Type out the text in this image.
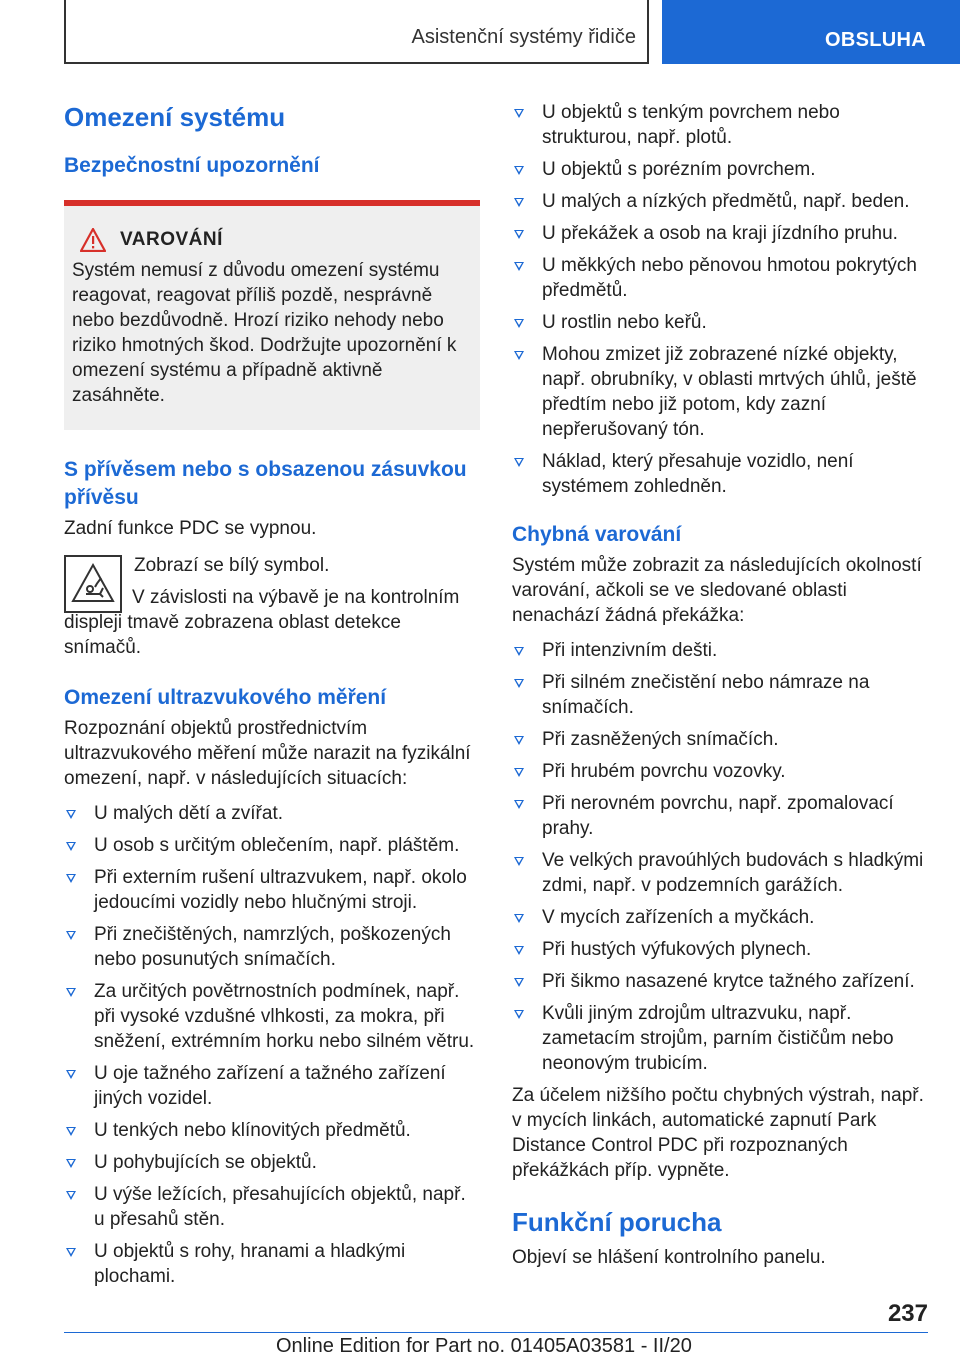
Asistenční systémy řidiče	OBSLUHA
Omezení systému
Bezpečnostní upozornění
VAROVÁNÍ

Systém nemusí z důvodu omezení systému reagovat, reagovat příliš pozdě, nesprávně nebo bezdůvodně. Hrozí riziko nehody nebo riziko hmotných škod. Dodržujte upozornění k omezení systému a případně aktivně zasáhněte.

S přívěsem nebo s obsazenou zásuvkou přívěsu

Zadní funkce PDC se vypnou.

Zobrazí se bílý symbol.

V závislosti na výbavě je na kontrolním displeji tmavě zobrazena oblast detekce snímačů.

Omezení ultrazvukového měření

Rozpoznání objektů prostřednictvím ultrazvukového měření může narazit na fyzikální omezení, např. v následujících situacích:

U malých dětí a zvířat.
U osob s určitým oblečením, např. pláštěm.
Při externím rušení ultrazvukem, např. okolo jedoucími vozidly nebo hlučnými stroji.
Při znečištěných, namrzlých, poškozených nebo posunutých snímačích.
Za určitých povětrnostních podmínek, např. při vysoké vzdušné vlhkosti, za mokra, při sněžení, extrémním horku nebo silném větru.
U oje tažného zařízení a tažného zařízení jiných vozidel.
U tenkých nebo klínovitých předmětů.
U pohybujících se objektů.
U výše ležících, přesahujících objektů, např. u přesahů stěn.
U objektů s rohy, hranami a hladkými plochami.
U objektů s tenkým povrchem nebo strukturou, např. plotů.
U objektů s porézním povrchem.
U malých a nízkých předmětů, např. beden.
U překážek a osob na kraji jízdního pruhu.
U měkkých nebo pěnovou hmotou pokrytých předmětů.
U rostlin nebo keřů.
Mohou zmizet již zobrazené nízké objekty, např. obrubníky, v oblasti mrtvých úhlů, ještě předtím nebo již potom, kdy zazní nepřerušovaný tón.
Náklad, který přesahuje vozidlo, není systémem zohledněn.
Chybná varování

Systém může zobrazit za následujících okolností varování, ačkoli se ve sledované oblasti nenachází žádná překážka:

Při intenzivním dešti.
Při silném znečistění nebo námraze na snímačích.
Při zasněžených snímačích.
Při hrubém povrchu vozovky.
Při nerovném povrchu, např. zpomalovací prahy.
Ve velkých pravoúhlých budovách s hladkými zdmi, např. v podzemních garážích.
V mycích zařízeních a myčkách.
Při hustých výfukových plynech.
Při šikmo nasazené krytce tažného zařízení.
Kvůli jiným zdrojům ultrazvuku, např. zametacím strojům, parním čističům nebo neonovým trubicím.

Za účelem nižšího počtu chybných výstrah, např. v mycích linkách, automatické zapnutí Park Distance Control PDC při rozpoznaných překážkách příp. vypněte.

Funkční porucha

Objeví se hlášení kontrolního panelu.

237
Online Edition for Part no. 01405A03581 - II/20
